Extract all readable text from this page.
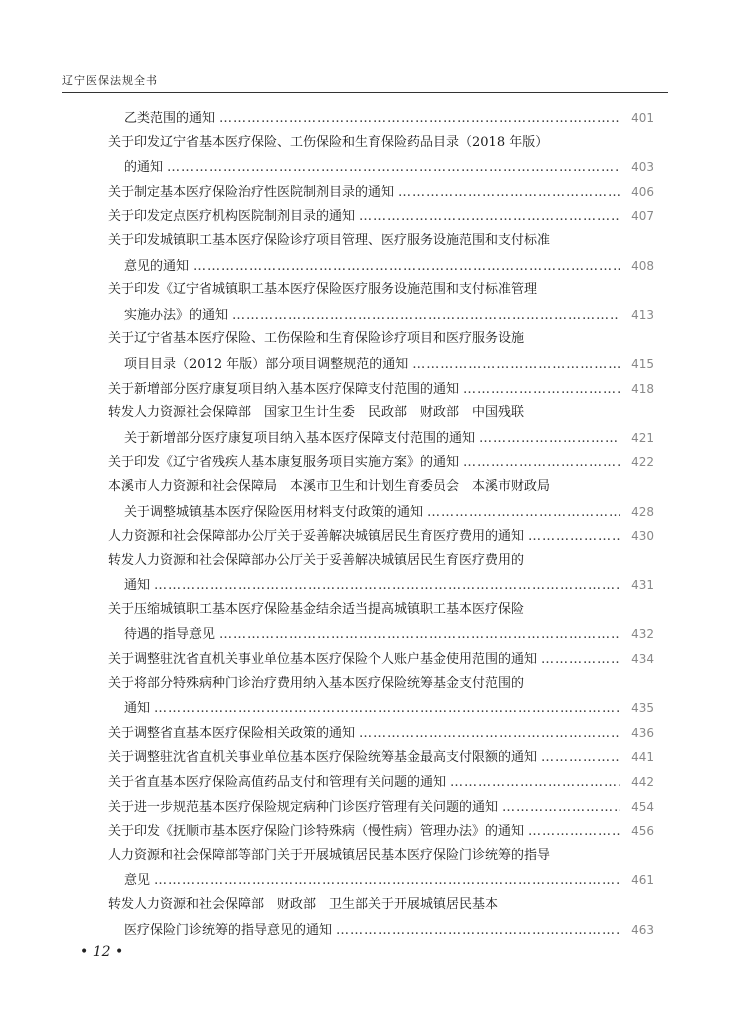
辽宁医保法规全书
乙类范围的通知 …………………………………………………………………………………………………………………………………………………………………………………………………………………	401
关于印发辽宁省基本医疗保险、工伤保险和生育保险药品目录（2018 年版）
的通知 …………………………………………………………………………………………………………………………………………………………………………………………………………………	403
关于制定基本医疗保险治疗性医院制剂目录的通知 …………………………………………………………………………………………………………………………………………………………………………………………………………………	406
关于印发定点医疗机构医院制剂目录的通知 …………………………………………………………………………………………………………………………………………………………………………………………………………………	407
关于印发城镇职工基本医疗保险诊疗项目管理、医疗服务设施范围和支付标准
意见的通知 …………………………………………………………………………………………………………………………………………………………………………………………………………………	408
关于印发《辽宁省城镇职工基本医疗保险医疗服务设施范围和支付标准管理
实施办法》的通知 …………………………………………………………………………………………………………………………………………………………………………………………………………………	413
关于辽宁省基本医疗保险、工伤保险和生育保险诊疗项目和医疗服务设施
项目目录（2012 年版）部分项目调整规范的通知 …………………………………………………………………………………………………………………………………………………………………………………………………………………	415
关于新增部分医疗康复项目纳入基本医疗保障支付范围的通知 …………………………………………………………………………………………………………………………………………………………………………………………………………………	418
转发人力资源社会保障部　国家卫生计生委　民政部　财政部　中国残联
关于新增部分医疗康复项目纳入基本医疗保障支付范围的通知 …………………………………………………………………………………………………………………………………………………………………………………………………………………	421
关于印发《辽宁省残疾人基本康复服务项目实施方案》的通知 …………………………………………………………………………………………………………………………………………………………………………………………………………………	422
本溪市人力资源和社会保障局　本溪市卫生和计划生育委员会　本溪市财政局
关于调整城镇基本医疗保险医用材料支付政策的通知 …………………………………………………………………………………………………………………………………………………………………………………………………………………	428
人力资源和社会保障部办公厅关于妥善解决城镇居民生育医疗费用的通知 …………………………………………………………………………………………………………………………………………………………………………………………………………………	430
转发人力资源和社会保障部办公厅关于妥善解决城镇居民生育医疗费用的
通知 …………………………………………………………………………………………………………………………………………………………………………………………………………………	431
关于压缩城镇职工基本医疗保险基金结余适当提高城镇职工基本医疗保险
待遇的指导意见 …………………………………………………………………………………………………………………………………………………………………………………………………………………	432
关于调整驻沈省直机关事业单位基本医疗保险个人账户基金使用范围的通知 …………………………………………………………………………………………………………………………………………………………………………………………………………………	434
关于将部分特殊病种门诊治疗费用纳入基本医疗保险统筹基金支付范围的
通知 …………………………………………………………………………………………………………………………………………………………………………………………………………………	435
关于调整省直基本医疗保险相关政策的通知 …………………………………………………………………………………………………………………………………………………………………………………………………………………	436
关于调整驻沈省直机关事业单位基本医疗保险统筹基金最高支付限额的通知 …………………………………………………………………………………………………………………………………………………………………………………………………………………	441
关于省直基本医疗保险高值药品支付和管理有关问题的通知 …………………………………………………………………………………………………………………………………………………………………………………………………………………	442
关于进一步规范基本医疗保险规定病种门诊医疗管理有关问题的通知 …………………………………………………………………………………………………………………………………………………………………………………………………………………	454
关于印发《抚顺市基本医疗保险门诊特殊病（慢性病）管理办法》的通知 …………………………………………………………………………………………………………………………………………………………………………………………………………………	456
人力资源和社会保障部等部门关于开展城镇居民基本医疗保险门诊统筹的指导
意见 …………………………………………………………………………………………………………………………………………………………………………………………………………………	461
转发人力资源和社会保障部　财政部　卫生部关于开展城镇居民基本
医疗保险门诊统筹的指导意见的通知 …………………………………………………………………………………………………………………………………………………………………………………………………………………	463
• 12 •
